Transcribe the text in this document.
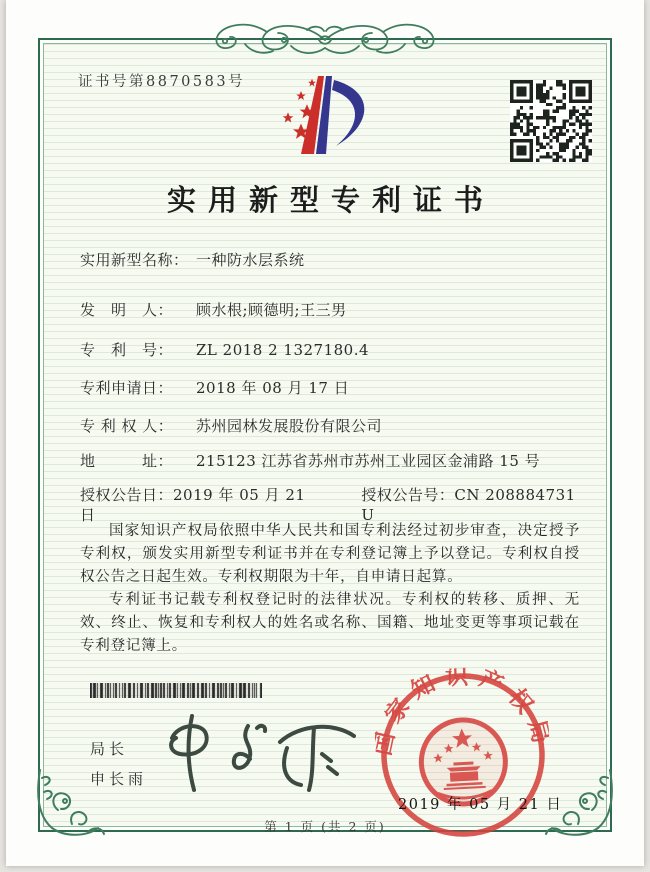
证书号第8870583号
实用新型专利证书
实用新型名称： 一种防水层系统
发　明　人： 顾水根;顾德明;王三男
专　利　号： ZL 2018 2 1327180.4
专利申请日： 2018 年 08 月 17 日
专 利 权 人： 苏州园林发展股份有限公司
地　　　址： 215123 江苏省苏州市苏州工业园区金浦路 15 号
授权公告日：2019 年 05 月 21 日
授权公告号：CN 208884731 U

国家知识产权局依照中华人民共和国专利法经过初步审查，决定授予专利权，颁发实用新型专利证书并在专利登记簿上予以登记。专利权自授权公告之日起生效。专利权期限为十年，自申请日起算。

专利证书记载专利权登记时的法律状况。专利权的转移、质押、无效、终止、恢复和专利权人的姓名或名称、国籍、地址变更等事项记载在专利登记簿上。

局长
申长雨
国家知识产权局
2019 年 05 月 21 日
第 1 页 (共 2 页)
